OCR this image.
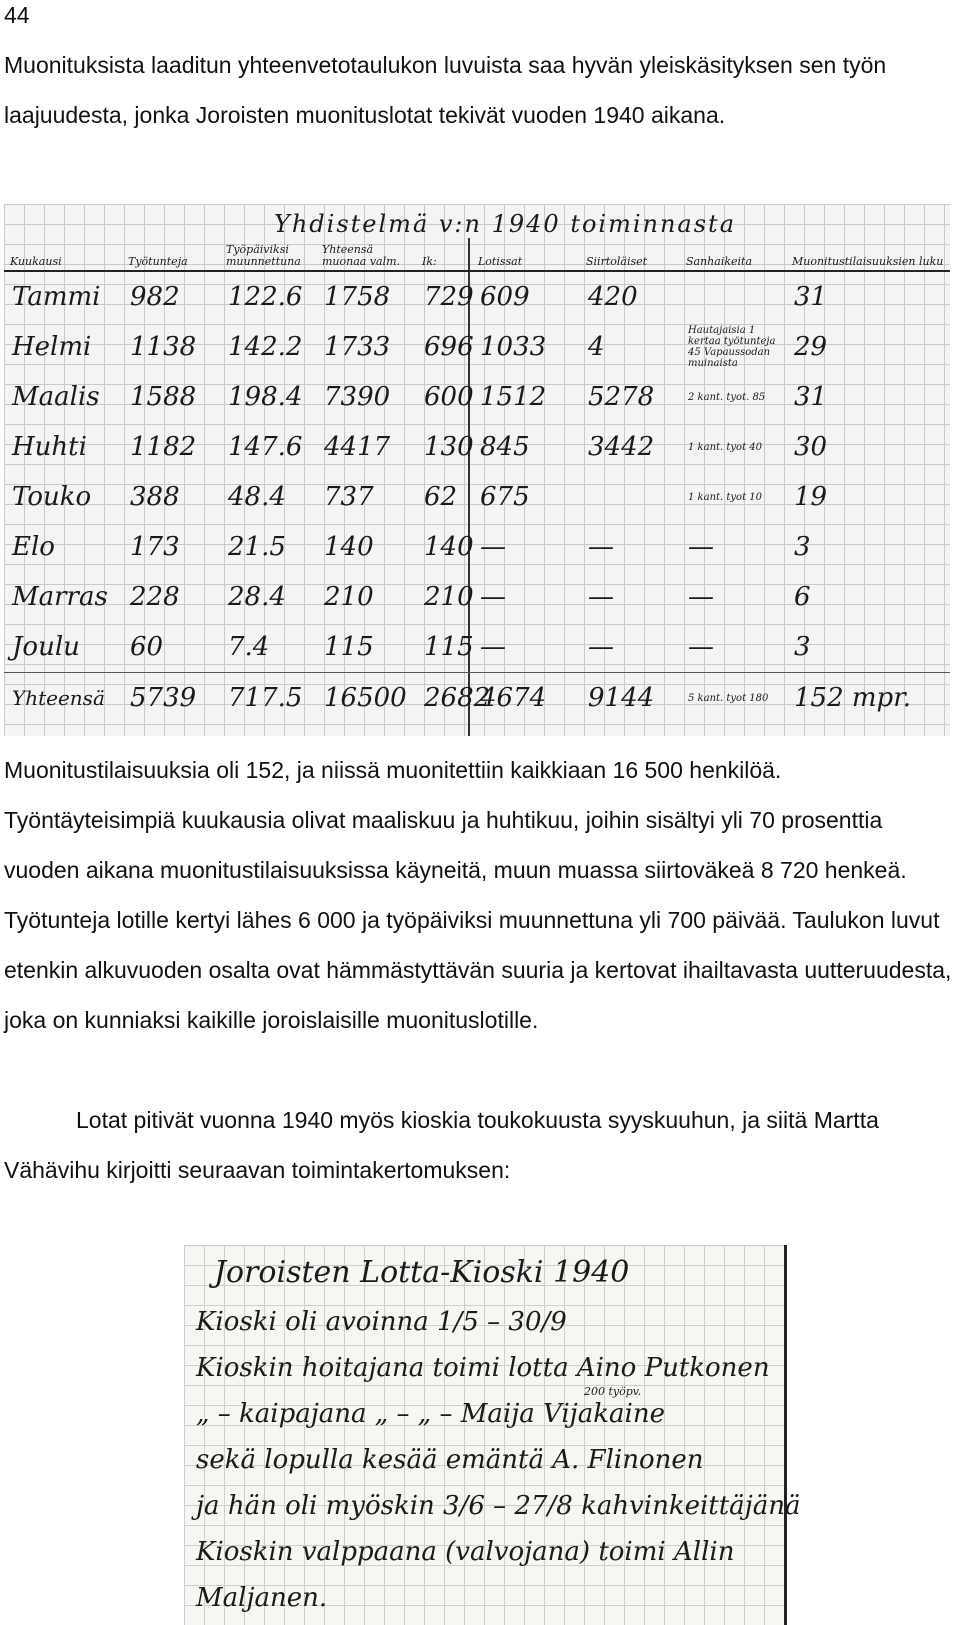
44

Muonituksista laaditun yhteenvetotaulukon luvuista saa hyvän yleiskäsityksen sen työn laajuudesta, jonka Joroisten muonituslotat tekivät vuoden 1940 aikana.

Yhdistelmä v:n 1940 toiminnasta
Kuukausi	Työtunteja	Työpäiviksi muunnettuna	Yhteensä muonaa valm.	Ik:	Lotissat	Siirtoläiset	Sanhaikeita	Muonitustilaisuuksien luku
Tammi	982	122.6	1758	729	609	420		31
Helmi	1138	142.2	1733	696	1033	4	Hautajaisia 1 kertaa työtunteja 45 Vapaussodan muinaista	29
Maalis	1588	198.4	7390	600	1512	5278	2 kant. tyot. 85	31
Huhti	1182	147.6	4417	130	845	3442	1 kant. tyot 40	30
Touko	388	48.4	737	62	675		1 kant. tyot 10	19
Elo	173	21.5	140	140	—	—	—	3
Marras	228	28.4	210	210	—	—	—	6
Joulu	60	7.4	115	115	—	—	—	3
Yhteensä	5739	717.5	16500	2682	4674	9144	5 kant. tyot 180	152 mpr.

Muonitustilaisuuksia oli 152, ja niissä muonitettiin kaikkiaan 16 500 henkilöä. Työntäyteisimpiä kuukausia olivat maaliskuu ja huhtikuu, joihin sisältyi yli 70 prosenttia vuoden aikana muonitustilaisuuksissa käyneitä, muun muassa siirtoväkeä 8 720 henkeä. Työtunteja lotille kertyi lähes 6 000 ja työpäiviksi muunnettuna yli 700 päivää. Taulukon luvut etenkin alkuvuoden osalta ovat hämmästyttävän suuria ja kertovat ihailtavasta uutteruudesta, joka on kunniaksi kaikille joroislaisille muonituslotille.

Lotat pitivät vuonna 1940 myös kioskia toukokuusta syyskuuhun, ja siitä Martta Vähävihu kirjoitti seuraavan toimintakertomuksen:

Joroisten Lotta-Kioski 1940
Kioski oli avoinna 1/5 – 30/9
Kioskin hoitajana toimi lotta Aino Putkonen
200 työpv.
„ – kaipajana „ – „ – Maija Vijakaine
sekä lopulla kesää emäntä A. Flinonen
ja hän oli myöskin 3/6 – 27/8 kahvinkeittäjänä
Kioskin valppaana (valvojana) toimi Allin
Maljanen.
